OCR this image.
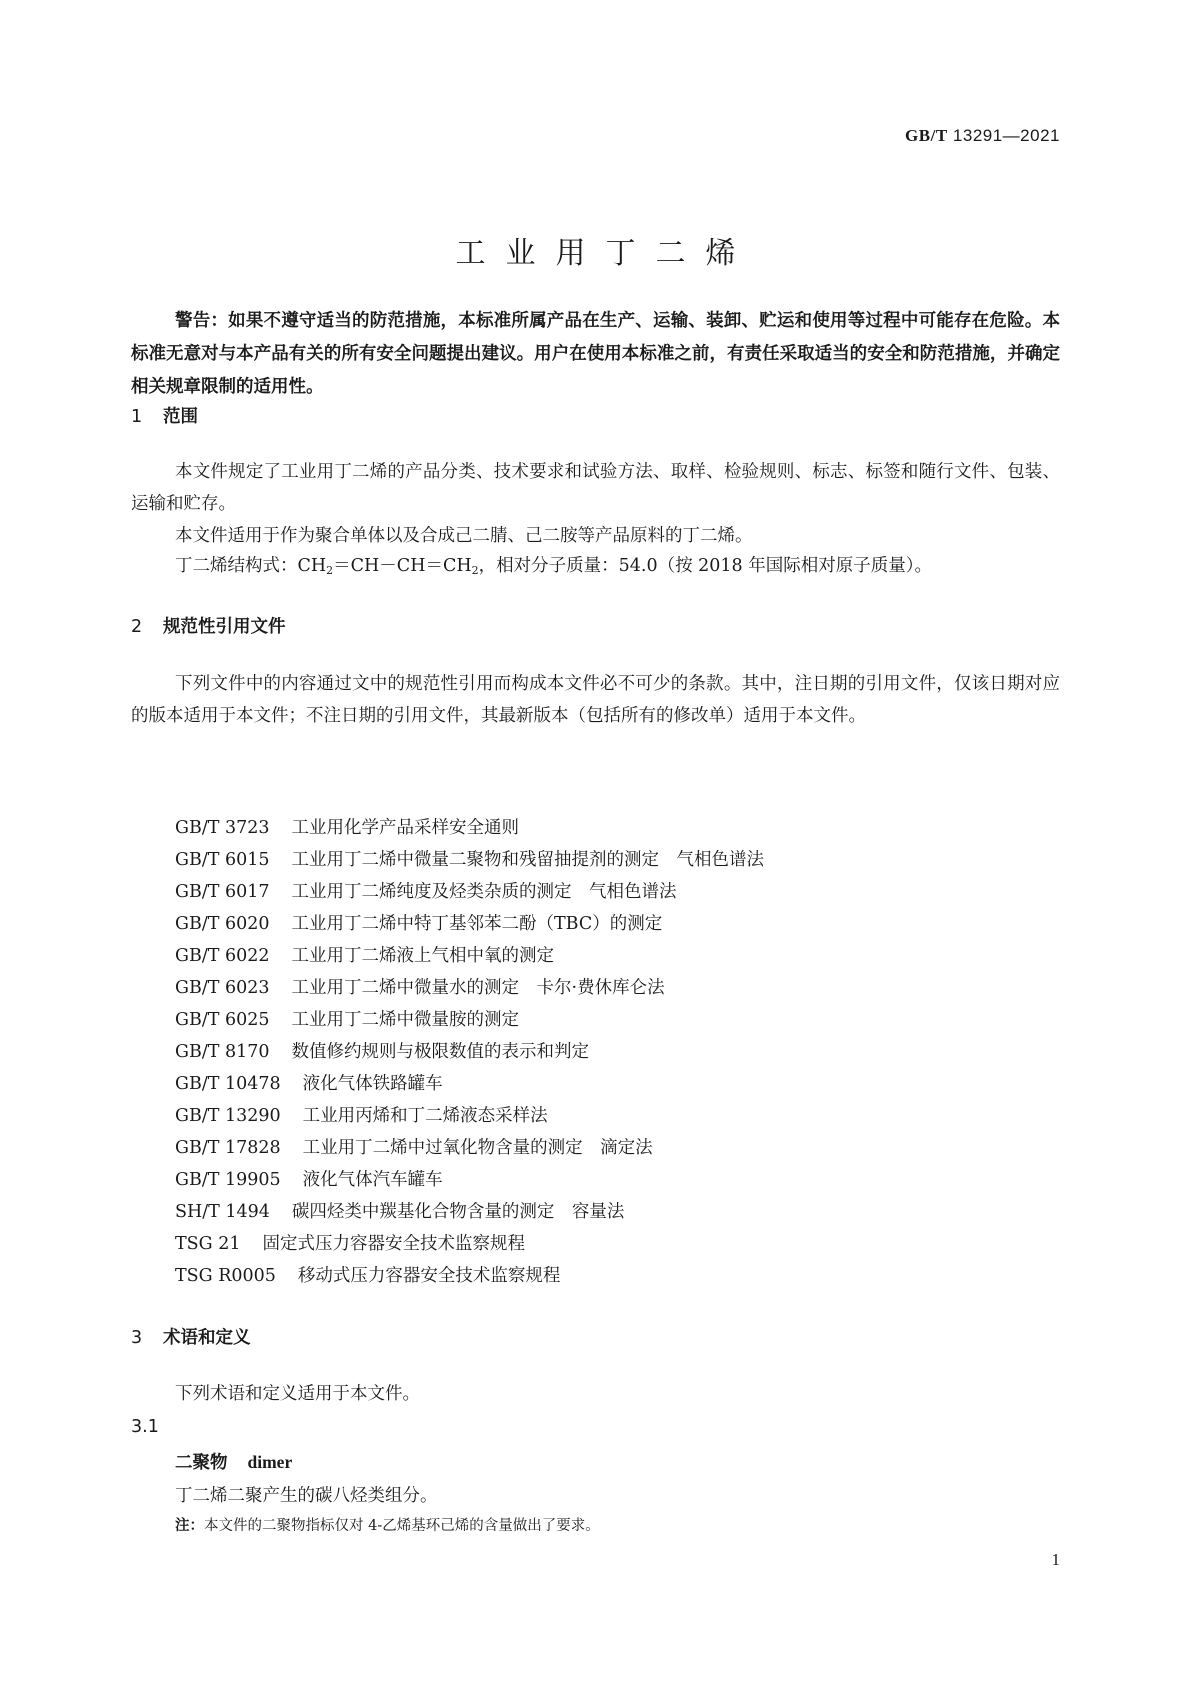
GB/T 13291—2021
工业用丁二烯
警告：如果不遵守适当的防范措施，本标准所属产品在生产、运输、装卸、贮运和使用等过程中可能存在危险。本标准无意对与本产品有关的所有安全问题提出建议。用户在使用本标准之前，有责任采取适当的安全和防范措施，并确定相关规章限制的适用性。
1 范围
本文件规定了工业用丁二烯的产品分类、技术要求和试验方法、取样、检验规则、标志、标签和随行文件、包装、运输和贮存。
本文件适用于作为聚合单体以及合成己二腈、己二胺等产品原料的丁二烯。
丁二烯结构式：$CH_2=CH-CH=CH_2$，相对分子质量：54.0（按 2018 年国际相对原子质量）。
2 规范性引用文件
下列文件中的内容通过文中的规范性引用而构成本文件必不可少的条款。其中，注日期的引用文件，仅该日期对应的版本适用于本文件；不注日期的引用文件，其最新版本（包括所有的修改单）适用于本文件。
GB/T 3723 工业用化学产品采样安全通则
GB/T 6015 工业用丁二烯中微量二聚物和残留抽提剂的测定　气相色谱法
GB/T 6017 工业用丁二烯纯度及烃类杂质的测定　气相色谱法
GB/T 6020 工业用丁二烯中特丁基邻苯二酚（TBC）的测定
GB/T 6022 工业用丁二烯液上气相中氧的测定
GB/T 6023 工业用丁二烯中微量水的测定　卡尔·费休库仑法
GB/T 6025 工业用丁二烯中微量胺的测定
GB/T 8170 数值修约规则与极限数值的表示和判定
GB/T 10478 液化气体铁路罐车
GB/T 13290 工业用丙烯和丁二烯液态采样法
GB/T 17828 工业用丁二烯中过氧化物含量的测定　滴定法
GB/T 19905 液化气体汽车罐车
SH/T 1494 碳四烃类中羰基化合物含量的测定　容量法
TSG 21 固定式压力容器安全技术监察规程
TSG R0005 移动式压力容器安全技术监察规程
3 术语和定义
下列术语和定义适用于本文件。
3.1
二聚物 dimer
丁二烯二聚产生的碳八烃类组分。
注：本文件的二聚物指标仅对 4-乙烯基环己烯的含量做出了要求。
1
